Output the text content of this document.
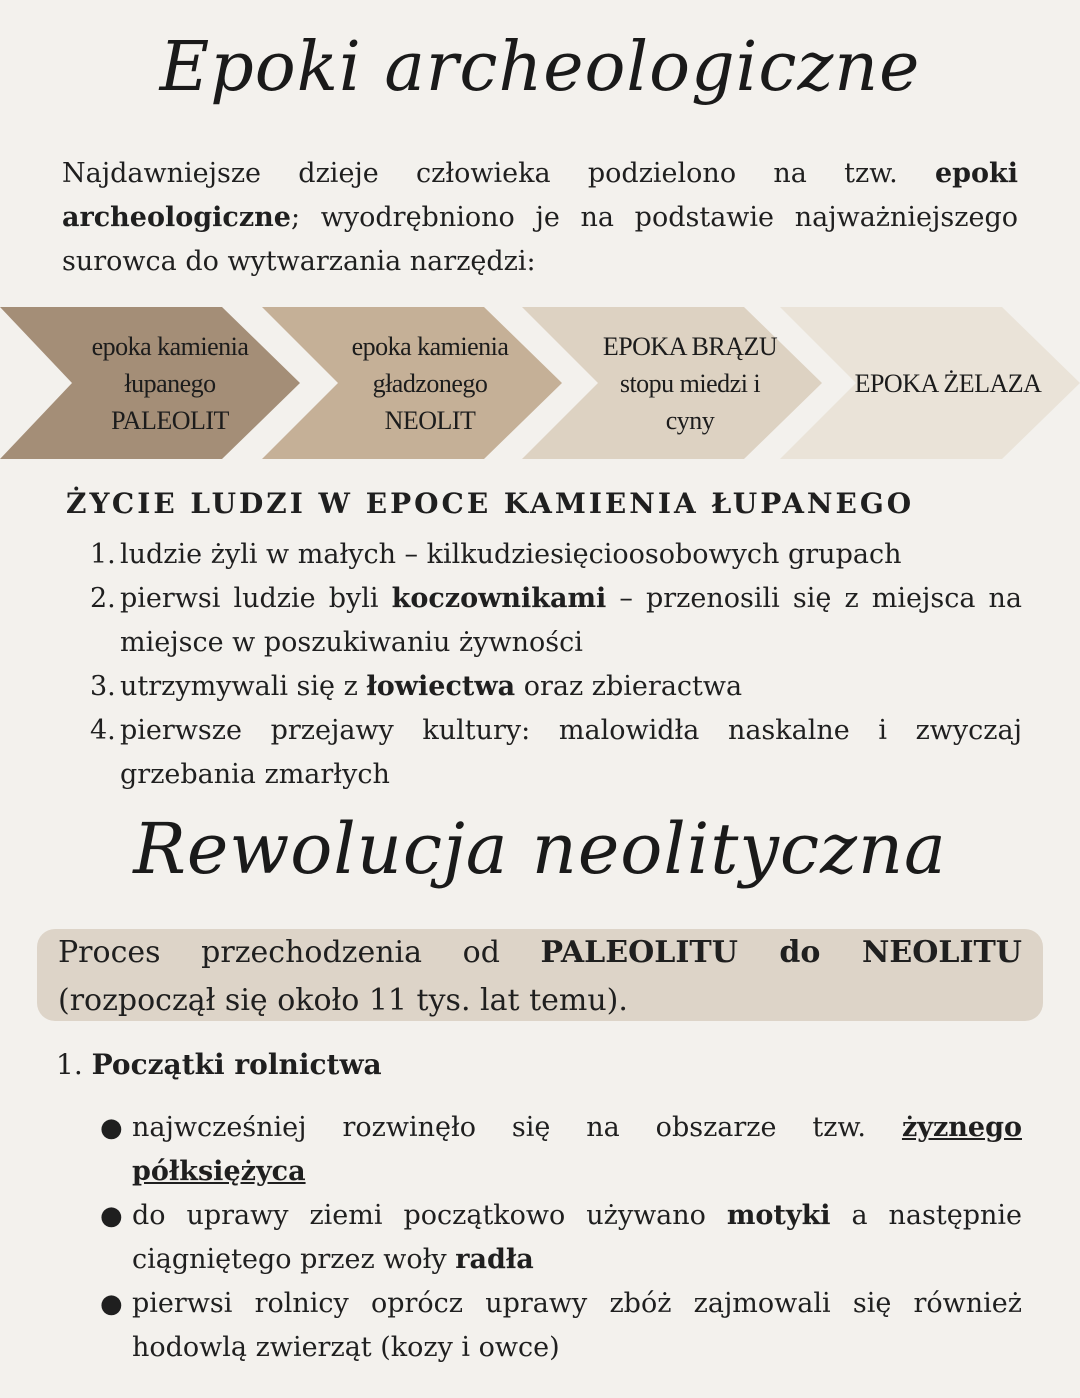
Epoki archeologiczne
Najdawniejsze dzieje człowieka podzielono na tzw. epoki archeologiczne; wyodrębniono je na podstawie najważniejszego surowca do wytwarzania narzędzi:
epoka kamienia
łupanego
PALEOLIT
epoka kamienia
gładzonego
NEOLIT
EPOKA BRĄZU
stopu miedzi i
cyny
EPOKA ŻELAZA
ŻYCIE LUDZI W EPOCE KAMIENIA ŁUPANEGO
1. ludzie żyli w małych – kilkudziesięcioosobowych grupach
2. pierwsi ludzie byli koczownikami – przenosili się z miejsca na miejsce w poszukiwaniu żywności
3. utrzymywali się z łowiectwa oraz zbieractwa
4. pierwsze przejawy kultury: malowidła naskalne i zwyczaj grzebania zmarłych
Rewolucja neolityczna
Proces przechodzenia od PALEOLITU do NEOLITU (rozpoczął się około 11 tys. lat temu).
1. Początki rolnictwa
● najwcześniej rozwinęło się na obszarze tzw. żyznego półksiężyca
● do uprawy ziemi początkowo używano motyki a następnie ciągniętego przez woły radła
● pierwsi rolnicy oprócz uprawy zbóż zajmowali się również hodowlą zwierząt (kozy i owce)
